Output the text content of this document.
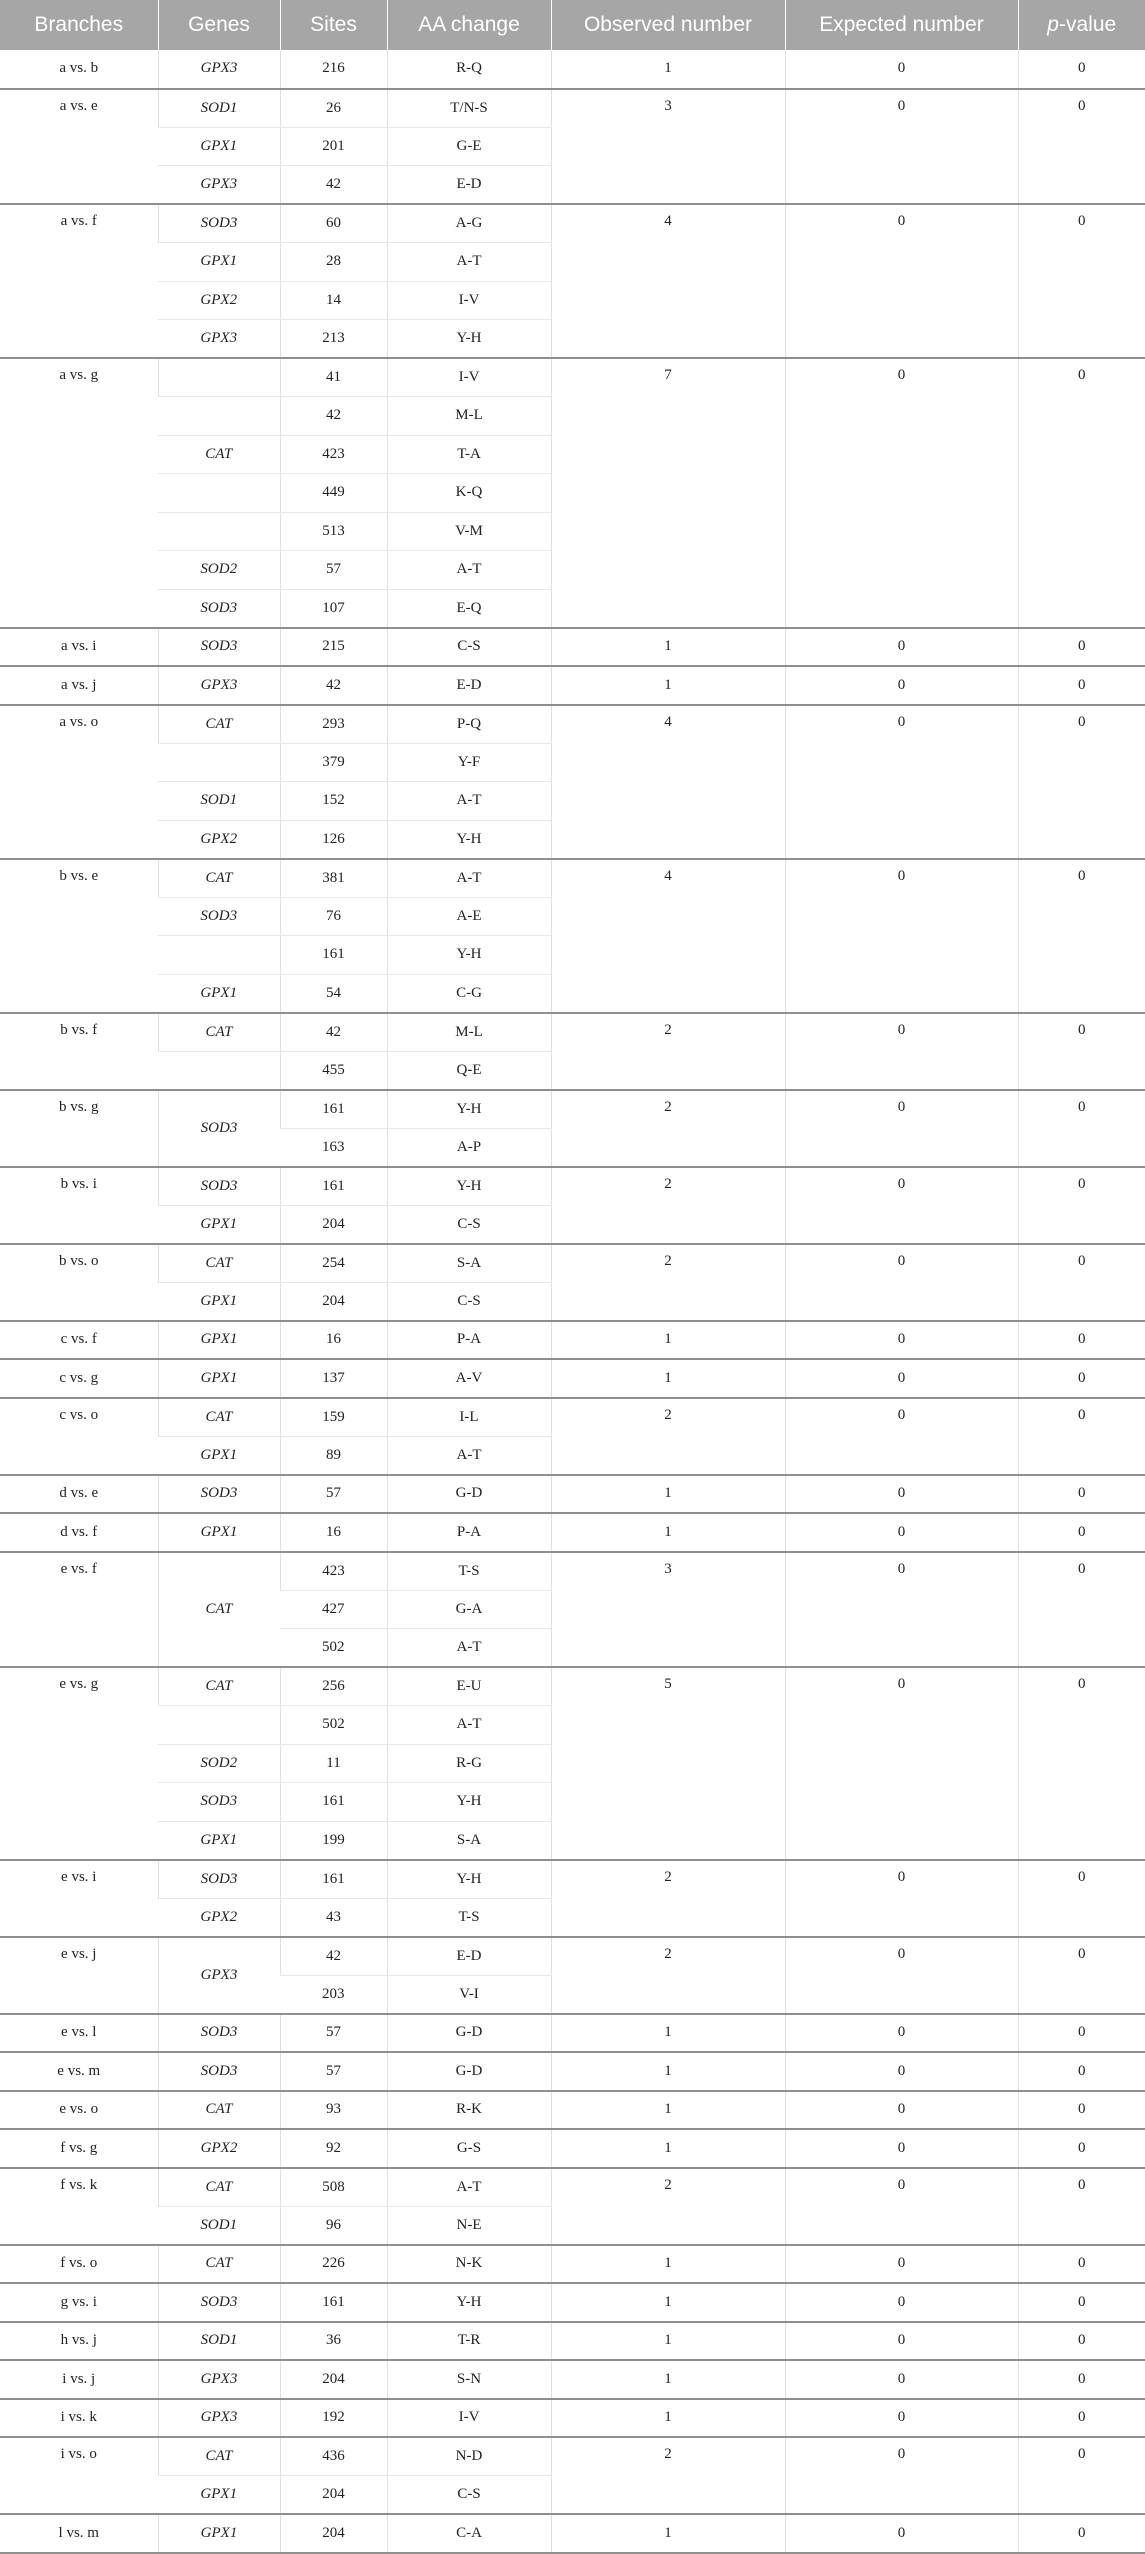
Branches	Genes	Sites	AA change	Observed number	Expected number	p-value
a vs. b	GPX3	216	R-Q	1	0	0
a vs. e	SOD1	26	T/N-S	3	0	0
	GPX1	201	G-E			
	GPX3	42	E-D			
a vs. f	SOD3	60	A-G	4	0	0
	GPX1	28	A-T			
	GPX2	14	I-V			
	GPX3	213	Y-H			
a vs. g		41	I-V	7	0	0
		42	M-L			
	CAT	423	T-A			
		449	K-Q			
		513	V-M			
	SOD2	57	A-T			
	SOD3	107	E-Q			
a vs. i	SOD3	215	C-S	1	0	0
a vs. j	GPX3	42	E-D	1	0	0
a vs. o	CAT	293	P-Q	4	0	0
		379	Y-F			
	SOD1	152	A-T			
	GPX2	126	Y-H			
b vs. e	CAT	381	A-T	4	0	0
	SOD3	76	A-E			
		161	Y-H			
	GPX1	54	C-G			
b vs. f	CAT	42	M-L	2	0	0
		455	Q-E			
b vs. g	SOD3	161	Y-H	2	0	0
		163	A-P			
b vs. i	SOD3	161	Y-H	2	0	0
	GPX1	204	C-S			
b vs. o	CAT	254	S-A	2	0	0
	GPX1	204	C-S			
c vs. f	GPX1	16	P-A	1	0	0
c vs. g	GPX1	137	A-V	1	0	0
c vs. o	CAT	159	I-L	2	0	0
	GPX1	89	A-T			
d vs. e	SOD3	57	G-D	1	0	0
d vs. f	GPX1	16	P-A	1	0	0
e vs. f	CAT	423	T-S	3	0	0
		427	G-A			
		502	A-T			
e vs. g	CAT	256	E-U	5	0	0
		502	A-T			
	SOD2	11	R-G			
	SOD3	161	Y-H			
	GPX1	199	S-A			
e vs. i	SOD3	161	Y-H	2	0	0
	GPX2	43	T-S			
e vs. j	GPX3	42	E-D	2	0	0
		203	V-I			
e vs. l	SOD3	57	G-D	1	0	0
e vs. m	SOD3	57	G-D	1	0	0
e vs. o	CAT	93	R-K	1	0	0
f vs. g	GPX2	92	G-S	1	0	0
f vs. k	CAT	508	A-T	2	0	0
	SOD1	96	N-E			
f vs. o	CAT	226	N-K	1	0	0
g vs. i	SOD3	161	Y-H	1	0	0
h vs. j	SOD1	36	T-R	1	0	0
i vs. j	GPX3	204	S-N	1	0	0
i vs. k	GPX3	192	I-V	1	0	0
i vs. o	CAT	436	N-D	2	0	0
	GPX1	204	C-S			
l vs. m	GPX1	204	C-A	1	0	0
